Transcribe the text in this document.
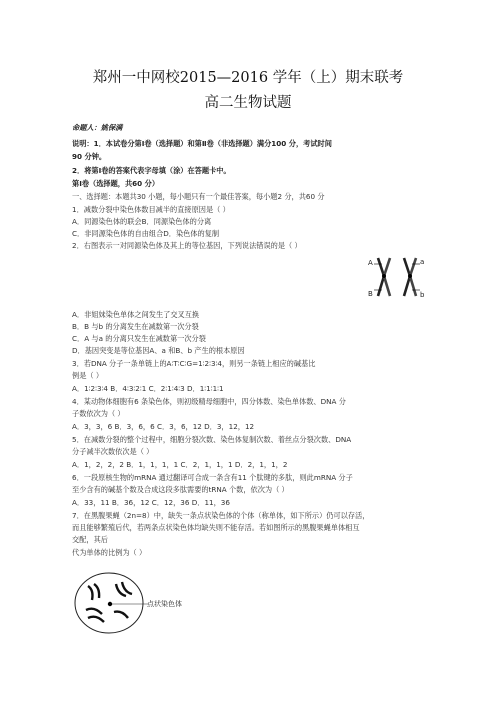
郑州一中网校2015—2016 学年（上）期末联考
高二生物试题
命题人：姚保满
说明：1．本试卷分第Ⅰ卷（选择题）和第Ⅱ卷（非选择题）满分100 分，考试时间
90 分钟。
2．将第Ⅰ卷的答案代表字母填（涂）在答题卡中。
第Ⅰ卷（选择题，共60 分）
一、选择题：本题共30 小题，每小题只有一个最佳答案，每小题2 分，共60 分
1．减数分裂中染色体数目减半的直接原因是（ ）
A．同源染色体的联会B．同源染色体的分离
C．非同源染色体的自由组合D．染色体的复制
2．右图表示一对同源染色体及其上的等位基因，下列说法错误的是（ ）
A	a
B	b
A．非姐妹染色单体之间发生了交叉互换
B．B 与b 的分离发生在减数第一次分裂
C．A 与a 的分离只发生在减数第一次分裂
D．基因突变是等位基因A、a 和B、b 产生的根本原因
3．若DNA 分子一条单链上的A∶T∶C∶G=1∶2∶3∶4，则另一条链上相应的碱基比
例是（ ）
A．1∶2∶3∶4 B．4∶3∶2∶1 C．2∶1∶4∶3 D．1∶1∶1∶1
4．某动物体细胞有6 条染色体，则初级精母细胞中，四分体数、染色单体数、DNA 分
子数依次为（ ）
A．3，3，6 B．3，6，6 C．3，6，12 D．3，12，12
5．在减数分裂的整个过程中，细胞分裂次数、染色体复制次数、着丝点分裂次数、DNA
分子减半次数依次是（ ）
A．1，2，2，2 B．1，1，1，1 C．2，1，1，1 D．2，1，1，2
6．一段原核生物的mRNA 通过翻译可合成一条含有11 个肽键的多肽，则此mRNA 分子
至少含有的碱基个数及合成这段多肽需要的tRNA 个数，依次为（ ）
A．33，11 B．36，12 C．12，36 D．11，36
7．在黑腹果蝇（2n=8）中，缺失一条点状染色体的个体（称单体，如下所示）仍可以存活，
而且能够繁殖后代，若两条点状染色体均缺失则不能存活。若如图所示的黑腹果蝇单体相互
交配，其后
代为单体的比例为（ ）
点状染色体
